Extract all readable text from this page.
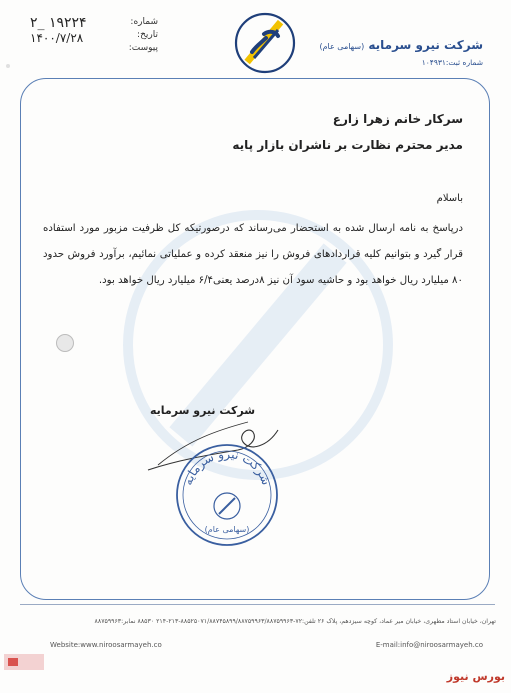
شماره:
تاریخ:
پیوست:
۲_ ۱۹۲۲۴
۱۴۰۰/۷/۲۸	شرکت نیرو سرمایه (سهامی عام)
شماره ثبت:۱۰۴۹۳۱
سرکار خانم زهرا زارع
مدیر محترم نظارت بر ناشران بازار پایه
باسلام
درپاسخ به نامه ارسال شده به استحضار می‌رساند که درصورتیکه کل ظرفیت مزبور مورد استفاده قرار گیرد و بتوانیم کلیه قراردادهای فروش را نیز منعقد کرده و عملیاتی نمائیم، برآورد فروش حدود ۸۰ میلیارد ریال خواهد بود و حاشیه سود آن نیز ۸درصد یعنی۶/۴ میلیارد ریال خواهد بود.
شرکت نیرو سرمایه
شرکت نیرو سرمایه
(سهامی عام)
تهران، خیابان استاد مطهری، خیابان میر عماد، کوچه سیزدهم، پلاک ۲۶ تلفن:۷۲-۸۸۵۲۵۰۷۱/۸۸۷۴۵۸۹۹/۸۸۷۵۹۹۶۳/۸۸۷۵۹۹۶۳-۲۱۳-۲۱۴ ۸۸۵۳۰ نمابر:۸۸۷۵۹۹۶۳
Website:www.niroosarmayeh.co	E-mail:info@niroosarmayeh.co
بورس نیوز
